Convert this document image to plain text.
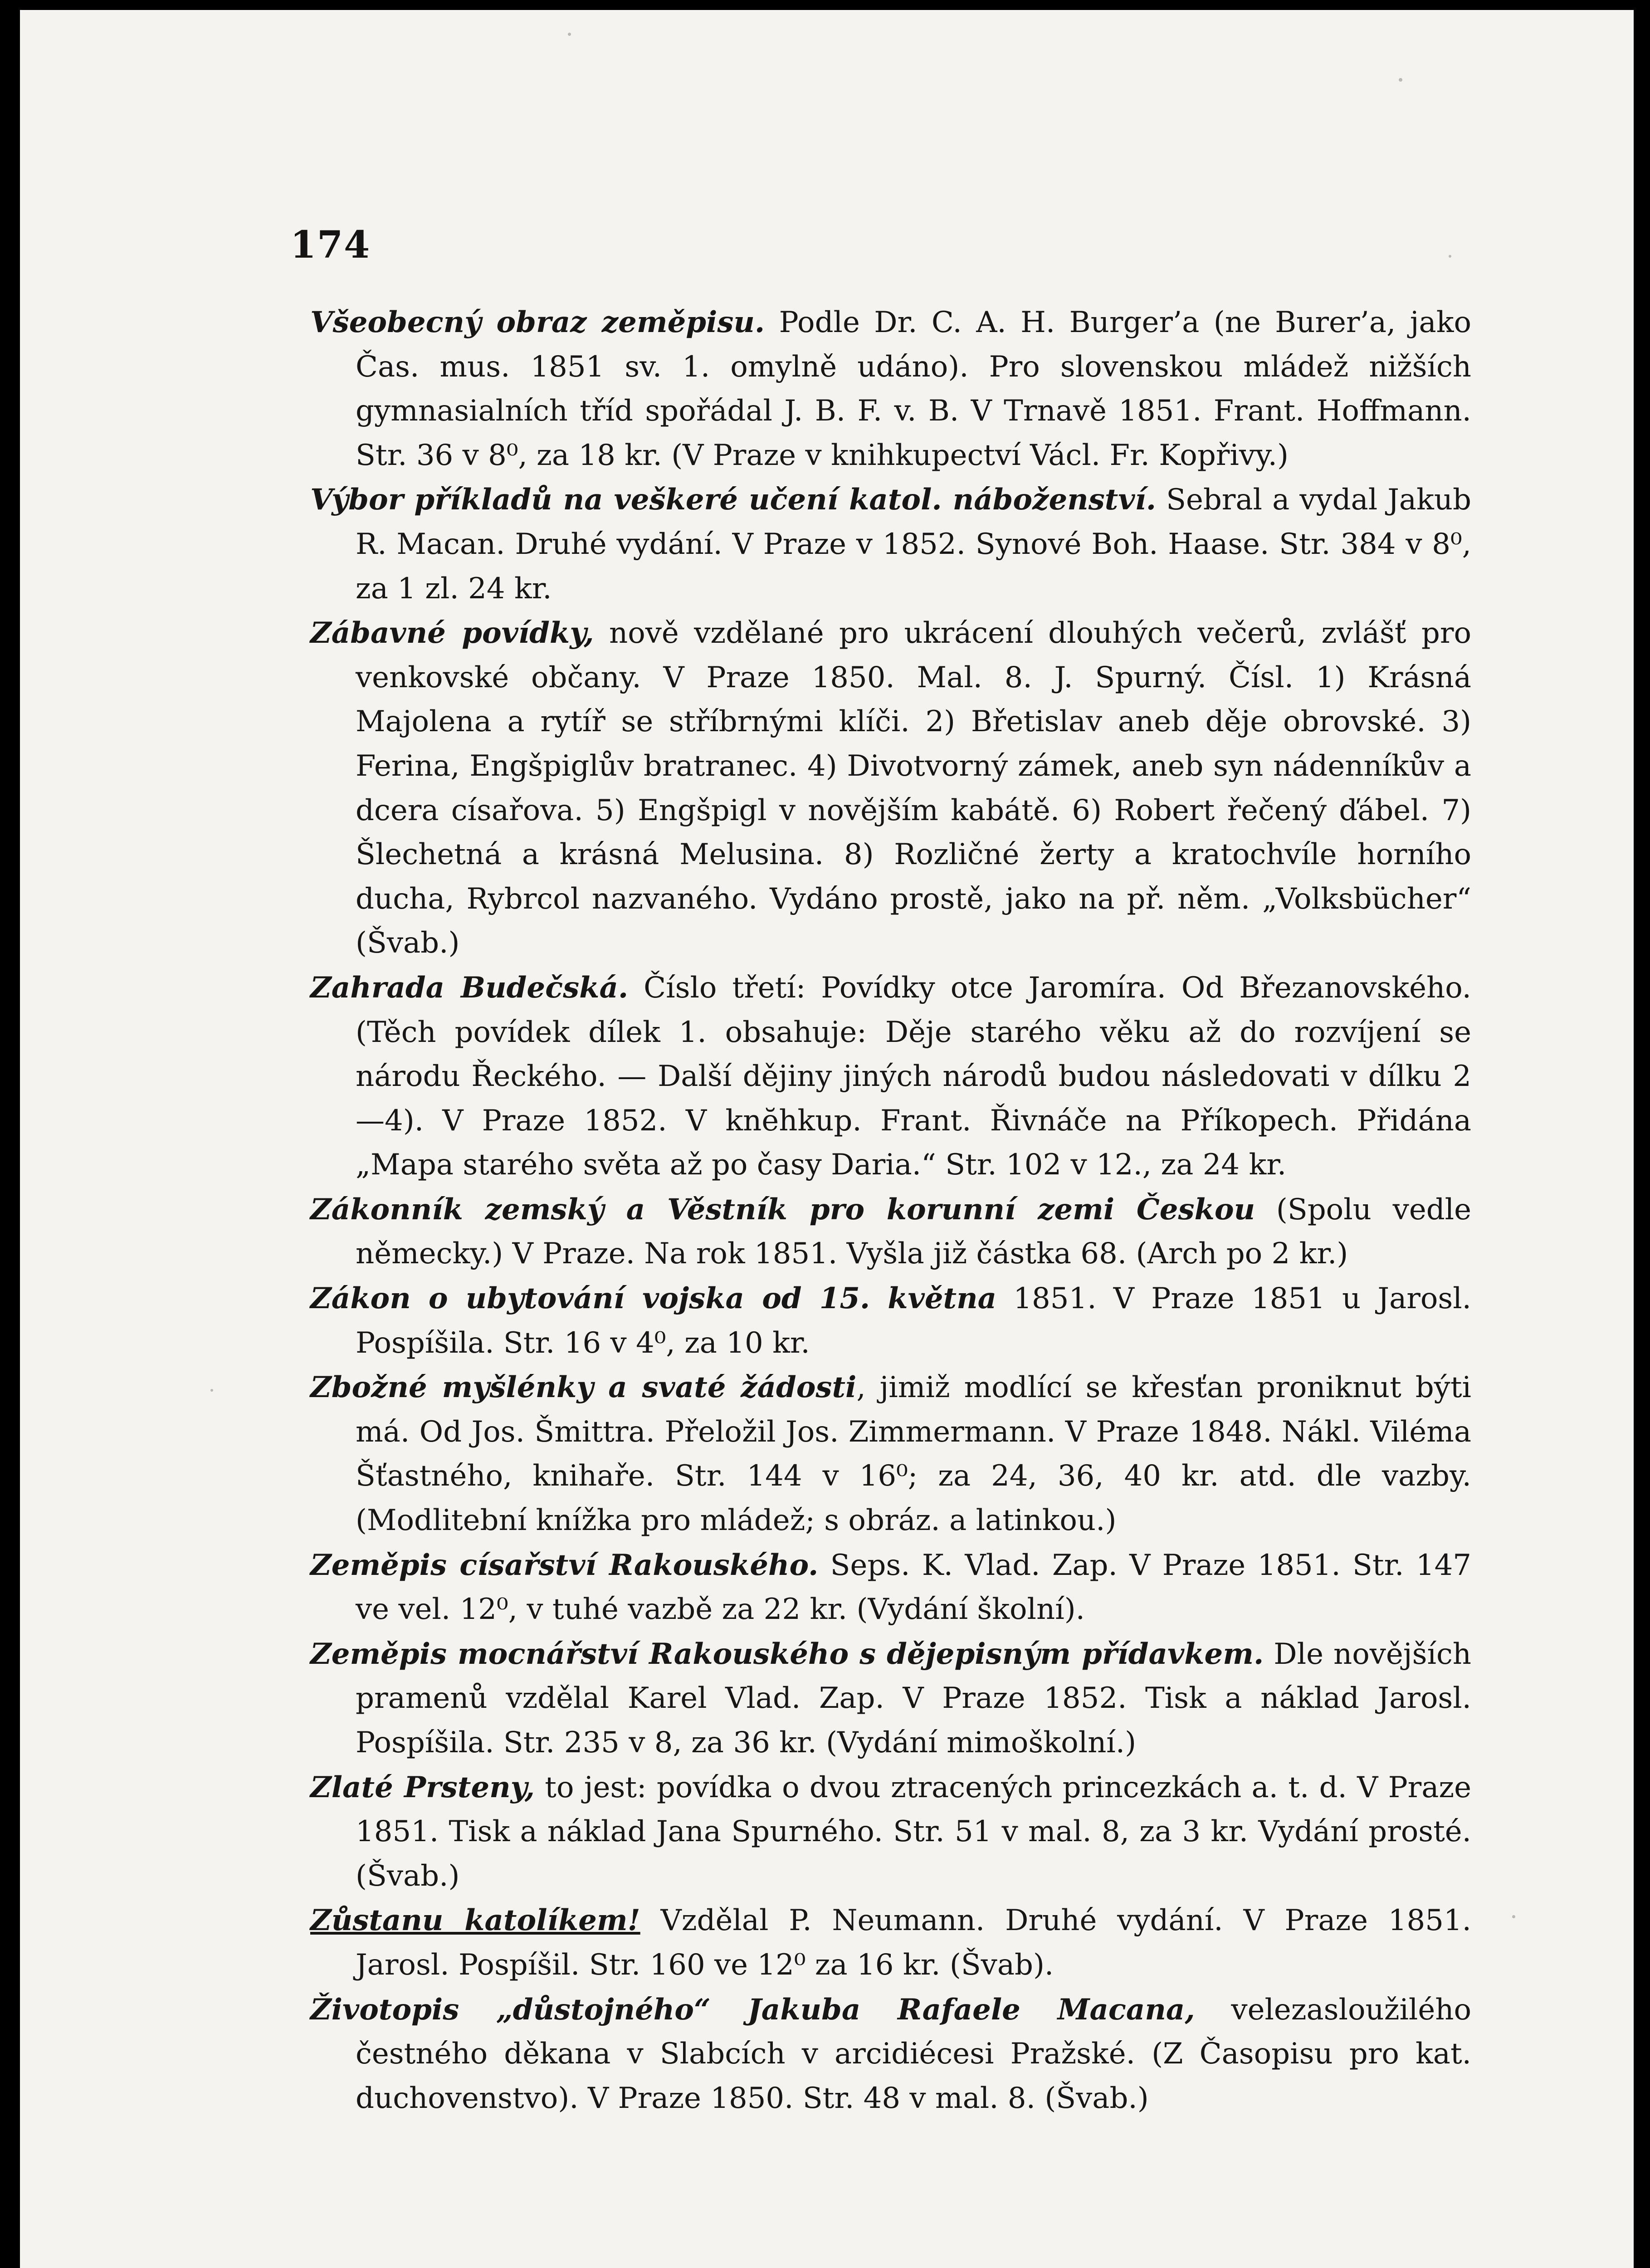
174

Všeobecný obraz zeměpisu. Podle Dr. C. A. H. Burger’a (ne Burer’a, jako Čas. mus. 1851 sv. 1. omylně udáno). Pro slovenskou mládež nižších gymnasialních tříd spořádal J. B. F. v. B. V Trnavě 1851. Frant. Hoffmann. Str. 36 v 8⁰, za 18 kr. (V Praze v knihkupectví Václ. Fr. Kopřivy.)

Výbor příkladů na veškeré učení katol. náboženství. Sebral a vydal Jakub R. Macan. Druhé vydání. V Praze v 1852. Synové Boh. Haase. Str. 384 v 8⁰, za 1 zl. 24 kr.

Zábavné povídky, nově vzdělané pro ukrácení dlouhých večerů, zvlášť pro venkovské občany. V Praze 1850. Mal. 8. J. Spurný. Čísl. 1) Krásná Majolena a rytíř se stříbrnými klíči. 2) Břetislav aneb děje obrovské. 3) Ferina, Engšpiglův bratranec. 4) Divotvorný zámek, aneb syn nádenníkův a dcera císařova. 5) Engšpigl v novějším kabátě. 6) Robert řečený ďábel. 7) Šlechetná a krásná Melusina. 8) Rozličné žerty a kratochvíle horního ducha, Rybrcol nazvaného. Vydáno prostě, jako na př. něm. „Volksbücher“ (Švab.)

Zahrada Budečská. Číslo třetí: Povídky otce Jaromíra. Od Březanovského. (Těch povídek dílek 1. obsahuje: Děje starého věku až do rozvíjení se národu Řeckého. — Další dějiny jiných národů budou následovati v dílku 2—4). V Praze 1852. V knĕhkup. Frant. Řivnáče na Příkopech. Přidána „Mapa starého světa až po časy Daria.“ Str. 102 v 12., za 24 kr.

Zákonník zemský a Věstník pro korunní zemi Českou (Spolu vedle německy.) V Praze. Na rok 1851. Vyšla již částka 68. (Arch po 2 kr.)

Zákon o ubytování vojska od 15. května 1851. V Praze 1851 u Jarosl. Pospíšila. Str. 16 v 4⁰, za 10 kr.

Zbožné myšlénky a svaté žádosti, jimiž modlící se křesťan proniknut býti má. Od Jos. Šmittra. Přeložil Jos. Zimmermann. V Praze 1848. Nákl. Viléma Šťastného, knihaře. Str. 144 v 16⁰; za 24, 36, 40 kr. atd. dle vazby. (Modlitební knížka pro mládež; s obráz. a latinkou.)

Zeměpis císařství Rakouského. Seps. K. Vlad. Zap. V Praze 1851. Str. 147 ve vel. 12⁰, v tuhé vazbě za 22 kr. (Vydání školní).

Zeměpis mocnářství Rakouského s dějepisným přídavkem. Dle novějších pramenů vzdělal Karel Vlad. Zap. V Praze 1852. Tisk a náklad Jarosl. Pospíšila. Str. 235 v 8, za 36 kr. (Vydání mimoškolní.)

Zlaté Prsteny, to jest: povídka o dvou ztracených princezkách a. t. d. V Praze 1851. Tisk a náklad Jana Spurného. Str. 51 v mal. 8, za 3 kr. Vydání prosté. (Švab.)

Zůstanu katolíkem! Vzdělal P. Neumann. Druhé vydání. V Praze 1851. Jarosl. Pospíšil. Str. 160 ve 12⁰ za 16 kr. (Švab).

Životopis „důstojného“ Jakuba Rafaele Macana, velezasloužilého čestného děkana v Slabcích v arcidiécesi Pražské. (Z Časopisu pro kat. duchovenstvo). V Praze 1850. Str. 48 v mal. 8. (Švab.)
